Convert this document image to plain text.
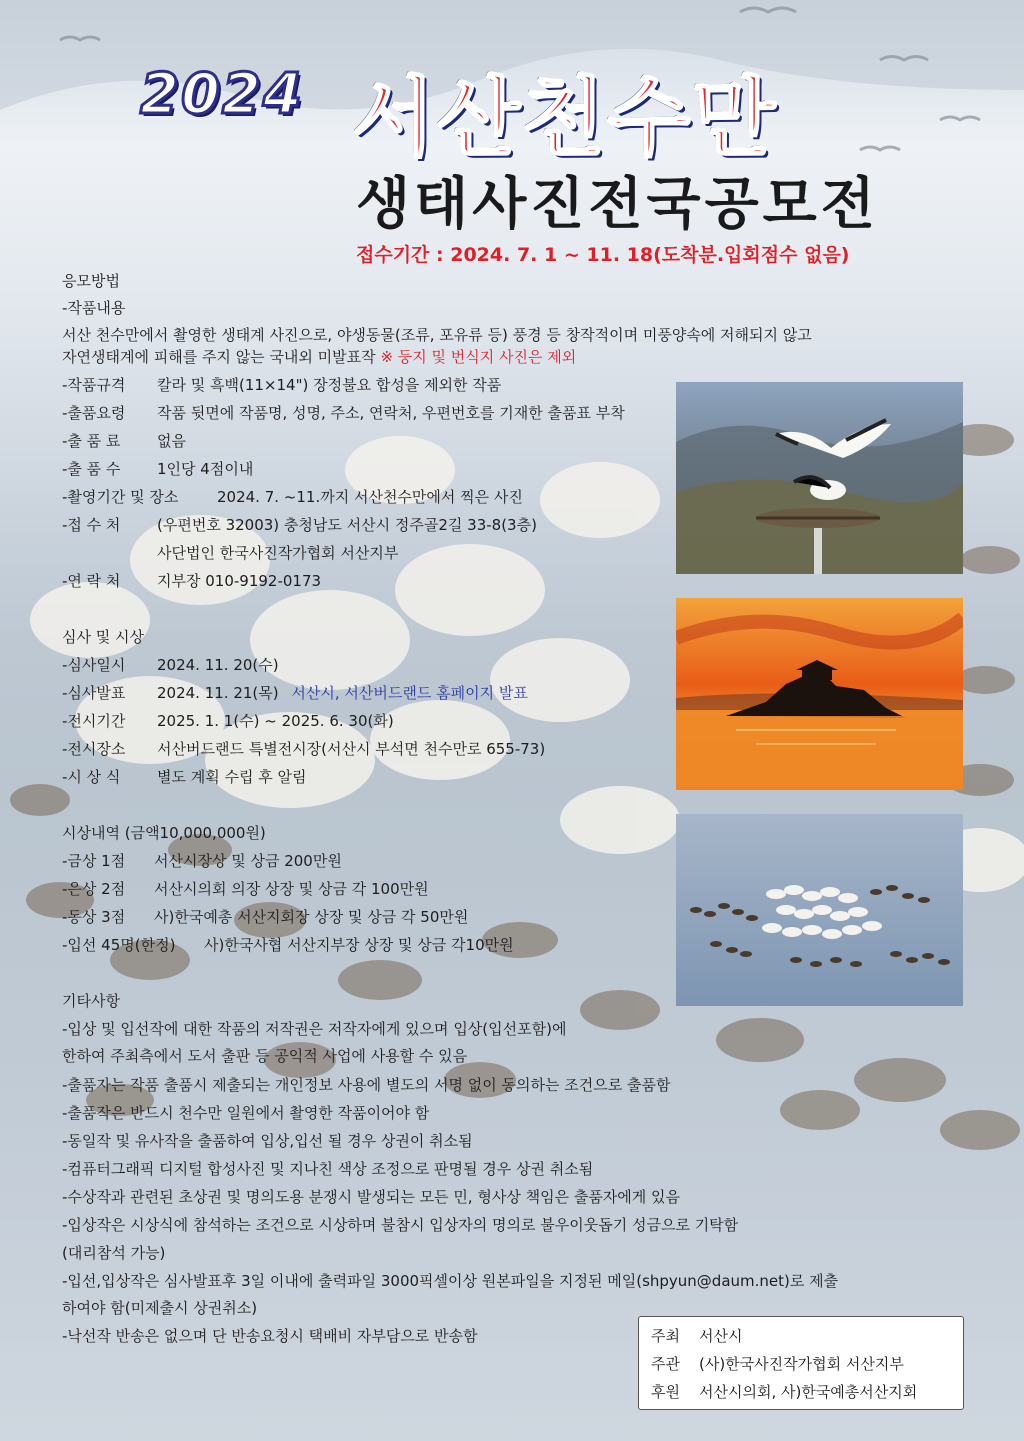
2024 서산천수만
생태사진전국공모전
접수기간 : 2024. 7. 1 ~ 11. 18(도착분.입회점수 없음)
응모방법
-작품내용
서산 천수만에서 촬영한 생태계 사진으로, 야생동물(조류, 포유류 등) 풍경 등 창작적이며 미풍양속에 저해되지 않고
자연생태계에 피해를 주지 않는 국내외 미발표작 ※ 둥지 및 번식지 사진은 제외
-작품규격 칼라 및 흑백(11×14") 장정불요 합성을 제외한 작품
-출품요령 작품 뒷면에 작품명, 성명, 주소, 연락처, 우편번호를 기재한 출품표 부착
-출 품 료 없음
-출 품 수 1인당 4점이내
-촬영기간 및 장소	2024. 7. ~11.까지 서산천수만에서 찍은 사진
-접 수 처 (우편번호 32003) 충청남도 서산시 정주골2길 33-8(3층)
사단법인 한국사진작가협회 서산지부
-연 락 처 지부장 010-9192-0173
심사 및 시상
-심사일시 2024. 11. 20(수)
-심사발표 2024. 11. 21(목) 서산시, 서산버드랜드 홈페이지 발표
-전시기간 2025. 1. 1(수) ~ 2025. 6. 30(화)
-전시장소 서산버드랜드 특별전시장(서산시 부석면 천수만로 655-73)
-시 상 식 별도 계획 수립 후 알림
시상내역 (금액10,000,000원)
-금상 1점 서산시장상 및 상금 200만원
-은상 2점 서산시의회 의장 상장 및 상금 각 100만원
-동상 3점 사)한국예총 서산지회장 상장 및 상금 각 50만원
-입선 45명(한정) 사)한국사협 서산지부장 상장 및 상금 각10만원
기타사항
-입상 및 입선작에 대한 작품의 저작권은 저작자에게 있으며 입상(입선포함)에
한하여 주최측에서 도서 출판 등 공익적 사업에 사용할 수 있음
-출품자는 작품 출품시 제출되는 개인정보 사용에 별도의 서명 없이 동의하는 조건으로 출품함
-출품작은 반드시 천수만 일원에서 촬영한 작품이어야 함
-동일작 및 유사작을 출품하여 입상,입선 될 경우 상권이 취소됨
-컴퓨터그래픽 디지털 합성사진 및 지나친 색상 조정으로 판명될 경우 상권 취소됨
-수상작과 관련된 초상권 및 명의도용 분쟁시 발생되는 모든 민, 형사상 책임은 출품자에게 있음
-입상작은 시상식에 참석하는 조건으로 시상하며 불참시 입상자의 명의로 불우이웃돕기 성금으로 기탁함
(대리참석 가능)
-입선,입상작은 심사발표후 3일 이내에 출력파일 3000픽셀이상 원본파일을 지정된 메일(shpyun@daum.net)로 제출
하여야 함(미제출시 상권취소)
-낙선작 반송은 없으며 단 반송요청시 택배비 자부담으로 반송함	주최 서산시
주관 (사)한국사진작가협회 서산지부
후원 서산시의회, 사)한국예총서산지회
